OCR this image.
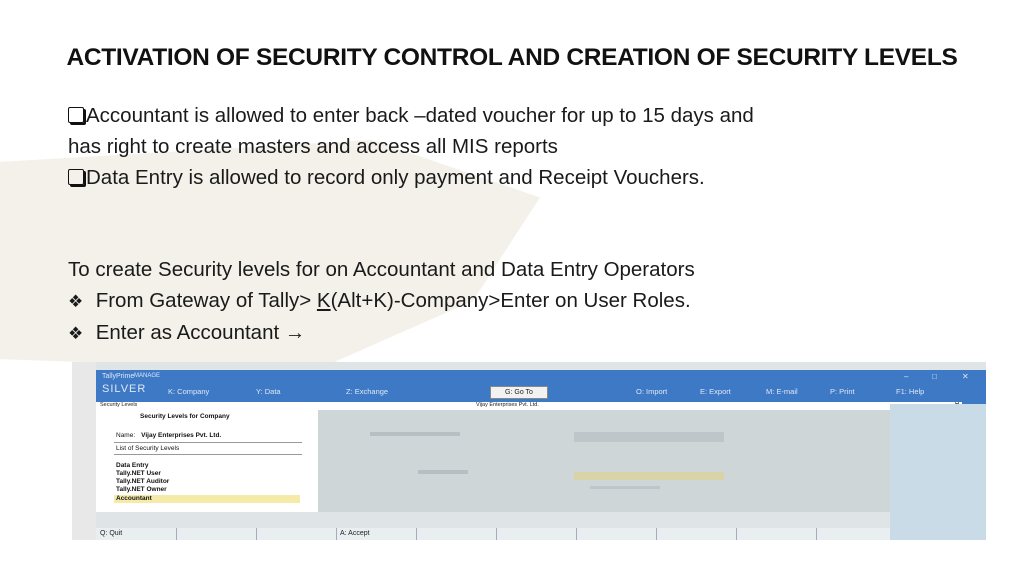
ACTIVATION OF SECURITY CONTROL AND CREATION OF SECURITY LEVELS
Accountant is allowed to enter back –dated voucher for up to 15 days and
has right to create masters and access all MIS reports
Data Entry is allowed to record only payment and Receipt Vouchers.
To create Security levels for on Accountant and Data Entry Operators
❖ From Gateway of Tally> K(Alt+K)-Company>Enter on User Roles.
❖ Enter as Accountant →
TallyPrime MANAGE
SILVER	K: Company	Y: Data	Z: Exchange	G: Go To	O: Import	E: Export	M: E-mail	P: Print	F1: Help
–	□	✕
Security Levels	Vijay Enterprises Pvt. Ltd.
Security Levels for Company
Name: Vijay Enterprises Pvt. Ltd.
List of Security Levels
Data Entry
Tally.NET User
Tally.NET Auditor
Tally.NET Owner
Accountant
Q: Quit	A: Accept
